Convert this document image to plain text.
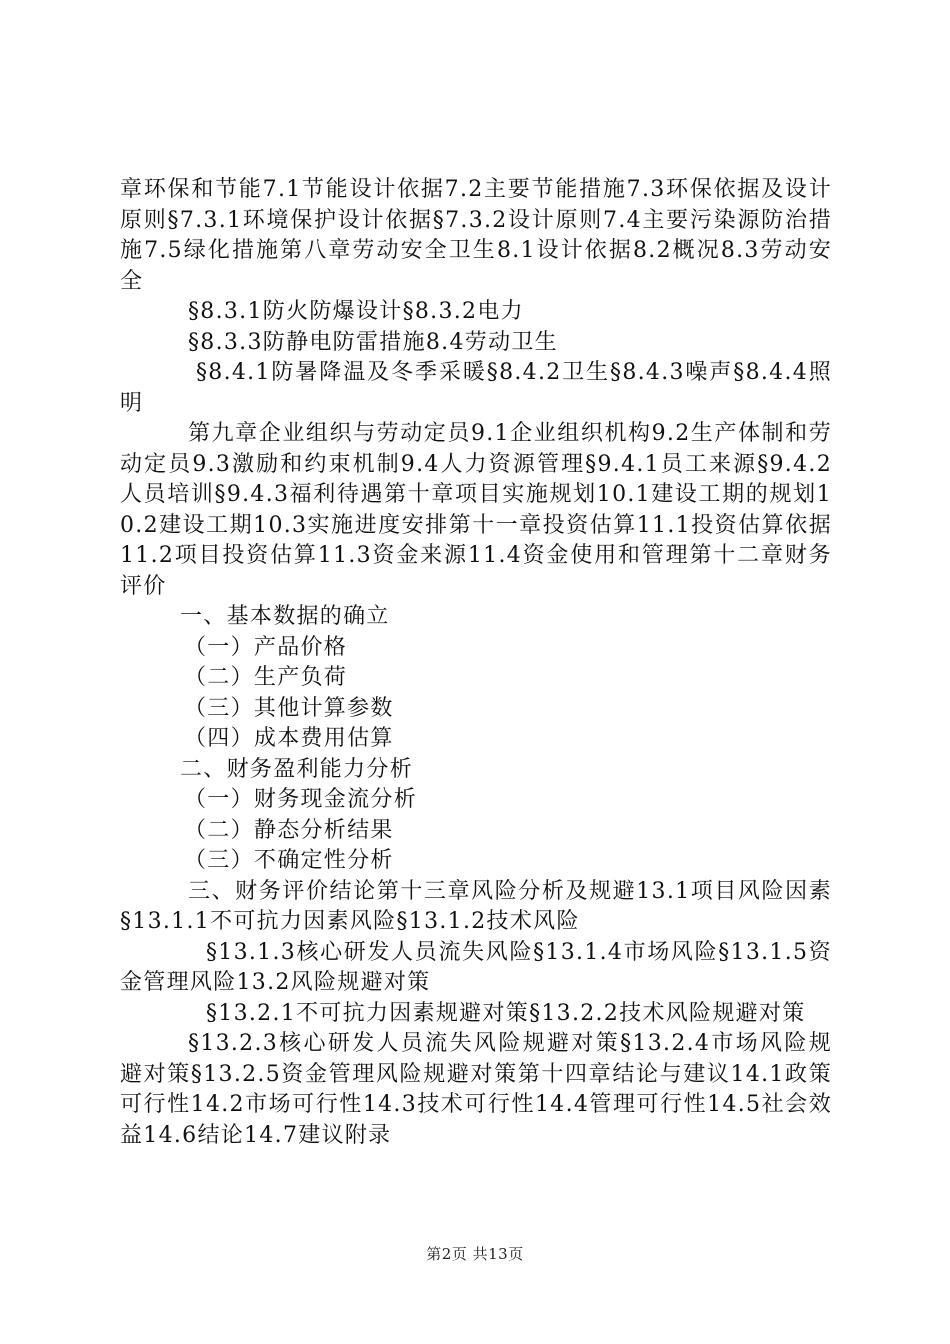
章环保和节能7.1节能设计依据7.2主要节能措施7.3环保依据及设计原则§7.3.1环境保护设计依据§7.3.2设计原则7.4主要污染源防治措施7.5绿化措施第八章劳动安全卫生8.1设计依据8.2概况8.3劳动安全

§8.3.1防火防爆设计§8.3.2电力

§8.3.3防静电防雷措施8.4劳动卫生

§8.4.1防暑降温及冬季采暖§8.4.2卫生§8.4.3噪声§8.4.4照明

第九章企业组织与劳动定员9.1企业组织机构9.2生产体制和劳动定员9.3激励和约束机制9.4人力资源管理§9.4.1员工来源§9.4.2人员培训§9.4.3福利待遇第十章项目实施规划10.1建设工期的规划10.2建设工期10.3实施进度安排第十一章投资估算11.1投资估算依据11.2项目投资估算11.3资金来源11.4资金使用和管理第十二章财务评价

一、基本数据的确立

（一）产品价格

（二）生产负荷

（三）其他计算参数

（四）成本费用估算

二、财务盈利能力分析

（一）财务现金流分析

（二）静态分析结果

（三）不确定性分析

三、财务评价结论第十三章风险分析及规避13.1项目风险因素§13.1.1不可抗力因素风险§13.1.2技术风险

§13.1.3核心研发人员流失风险§13.1.4市场风险§13.1.5资金管理风险13.2风险规避对策

§13.2.1不可抗力因素规避对策§13.2.2技术风险规避对策

§13.2.3核心研发人员流失风险规避对策§13.2.4市场风险规避对策§13.2.5资金管理风险规避对策第十四章结论与建议14.1政策可行性14.2市场可行性14.3技术可行性14.4管理可行性14.5社会效益14.6结论14.7建议附录

第2页 共13页
